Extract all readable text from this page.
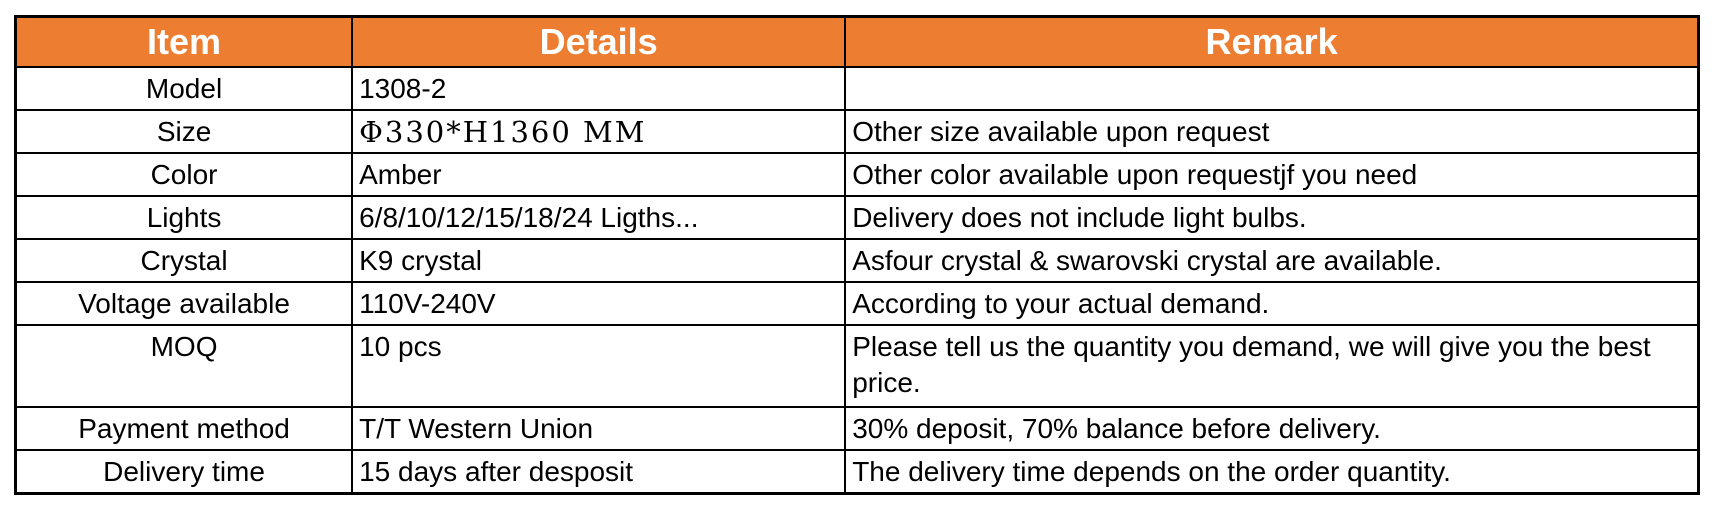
Item	Details	Remark
Model	1308-2	
Size	Φ330*H1360 MM	Other size available upon request
Color	Amber	Other color available upon requestjf you need
Lights	6/8/10/12/15/18/24 Ligths...	Delivery does not include light bulbs.
Crystal	K9 crystal	Asfour crystal & swarovski crystal are available.
Voltage available	110V-240V	According to your actual demand.
MOQ	10 pcs	Please tell us the quantity you demand, we will give you the best price.
Payment method	T/T Western Union	30% deposit, 70% balance before delivery.
Delivery time	15 days after desposit	The delivery time depends on the order quantity.
